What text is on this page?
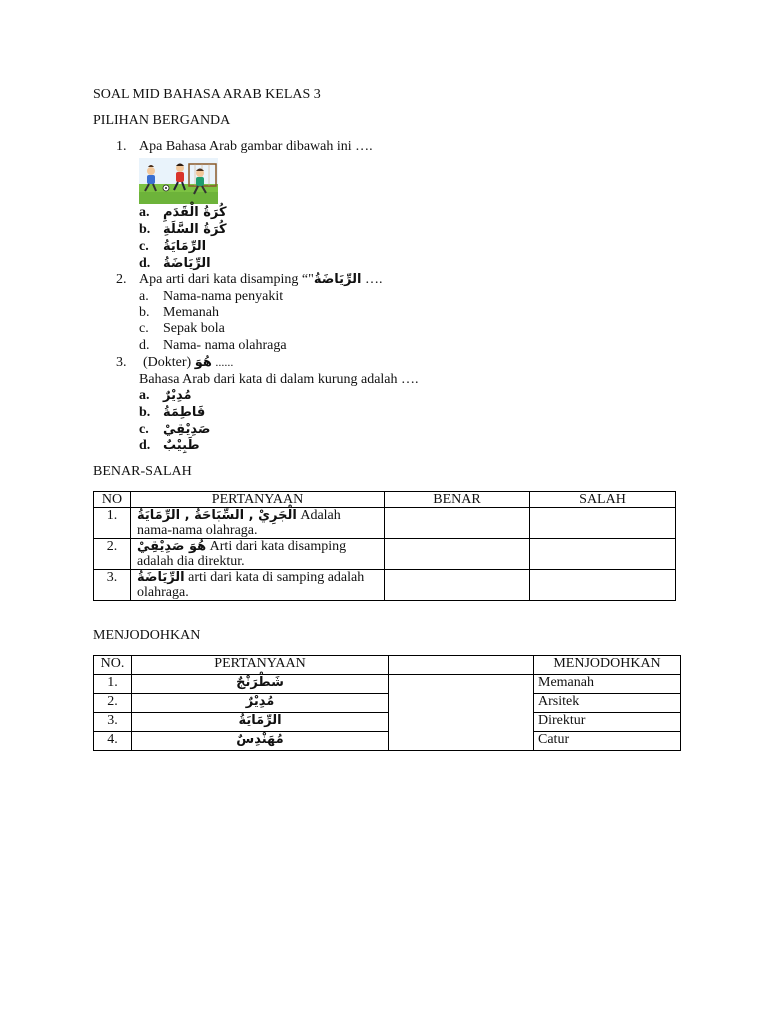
SOAL MID BAHASA ARAB KELAS 3
PILIHAN BERGANDA
1. Apa Bahasa Arab gambar dibawah ini ….
a. كُرَةُ الْقَدَمِ
b. كُرَةُ السَّلَةِ
c. الرِّمَايَةُ
d. الرِّيَاضَةُ
2. Apa arti dari kata disamping “"الرِّيَاضَةُ ….
a. Nama-nama penyakit
b. Memanah
c. Sepak bola
d. Nama- nama olahraga
3. (Dokter) هُوَ ......
Bahasa Arab dari kata di dalam kurung adalah ….
a. مُدِيْرٌ
b. فَاطِمَةُ
c. صَدِيْقِيْ
d. طَبِيْبٌ
BENAR-SALAH
NO	PERTANYAAN	BENAR	SALAH
1.	الْجَرِيْ , السِّبَاحَةُ , الرِّمَايَةُ Adalah
nama-nama olahraga.		
2.	هُوَ صَدِيْقِيْ Arti dari kata disamping
adalah dia direktur.		
3.	الرِّيَاضَةُ arti dari kata di samping adalah
olahraga.		
MENJODOHKAN
NO.	PERTANYAAN		MENJODOHKAN
1.	شَطْرَنْجٌ		Memanah
2.	مُدِيْرٌ		Arsitek
3.	الرِّمَايَةُ		Direktur
4.	مُهَنْدِسٌ		Catur
